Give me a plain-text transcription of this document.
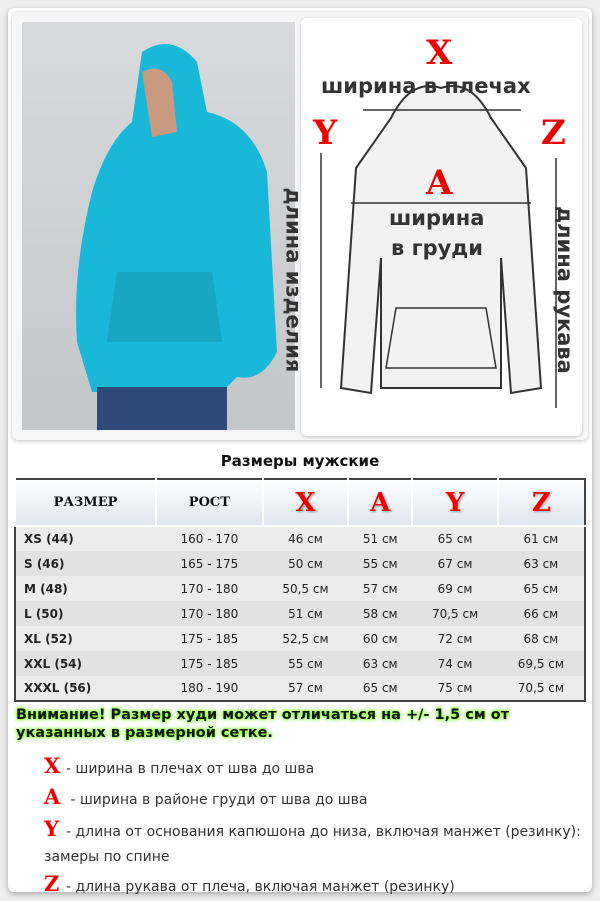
X
ширина в плечах
Y	Z
A
ширина
в груди
длина изделия	длина рукава
Размеры мужские
РАЗМЕР	РОСТ	X	A	Y	Z
XS (44)	160 - 170	46 см	51 см	65 см	61 см
S (46)	165 - 175	50 см	55 см	67 см	63 см
M (48)	170 - 180	50,5 см	57 см	69 см	65 см
L (50)	170 - 180	51 см	58 см	70,5 см	66 см
XL (52)	175 - 185	52,5 см	60 см	72 см	68 см
XXL (54)	175 - 185	55 см	63 см	74 см	69,5 см
XXXL (56)	180 - 190	57 см	65 см	75 см	70,5 см
Внимание! Размер худи может отличаться на +/- 1,5 см от указанных в размерной сетке.
X - ширина в плечах от шва до шва
A - ширина в районе груди от шва до шва
Y - длина от основания капюшона до низа, включая манжет (резинку): замеры по спине
Z - длина рукава от плеча, включая манжет (резинку)
